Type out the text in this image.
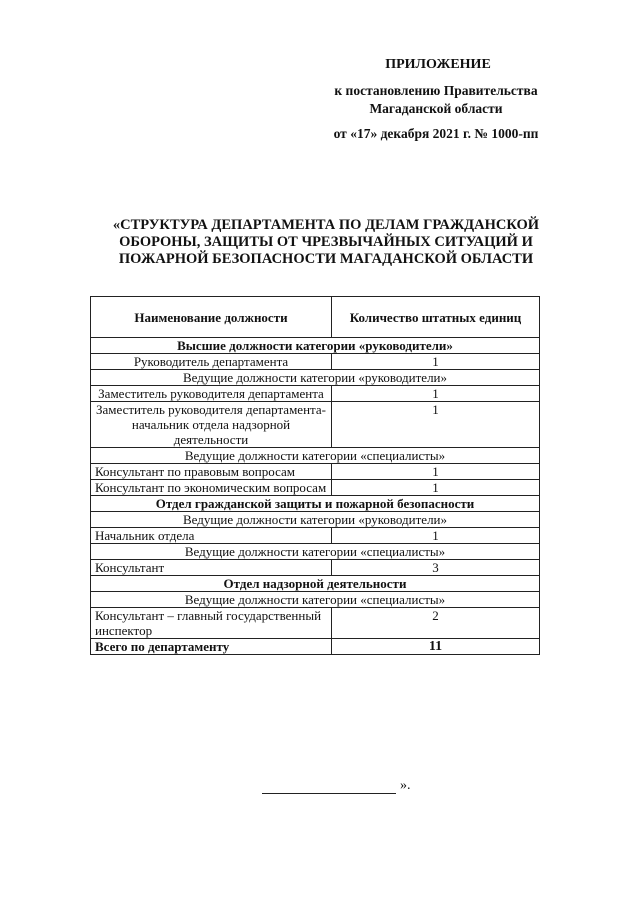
ПРИЛОЖЕНИЕ
к постановлению Правительства Магаданской области
от «17» декабря 2021 г. № 1000-пп
«СТРУКТУРА ДЕПАРТАМЕНТА ПО ДЕЛАМ ГРАЖДАНСКОЙ ОБОРОНЫ, ЗАЩИТЫ ОТ ЧРЕЗВЫЧАЙНЫХ СИТУАЦИЙ И ПОЖАРНОЙ БЕЗОПАСНОСТИ МАГАДАНСКОЙ ОБЛАСТИ
Наименование должности	Количество штатных единиц
Высшие должности категории «руководители»	
Руководитель департамента	1
Ведущие должности категории «руководители»	
Заместитель руководителя департамента	1
Заместитель руководителя департамента-начальник отдела надзорной деятельности	1
Ведущие должности категории «специалисты»	
Консультант по правовым вопросам	1
Консультант по экономическим вопросам	1
Отдел гражданской защиты и пожарной безопасности	
Ведущие должности категории «руководители»	
Начальник отдела	1
Ведущие должности категории «специалисты»	
Консультант	3
Отдел надзорной деятельности	
Ведущие должности категории «специалисты»	
Консультант – главный государственный инспектор	2
Всего по департаменту	11
».
